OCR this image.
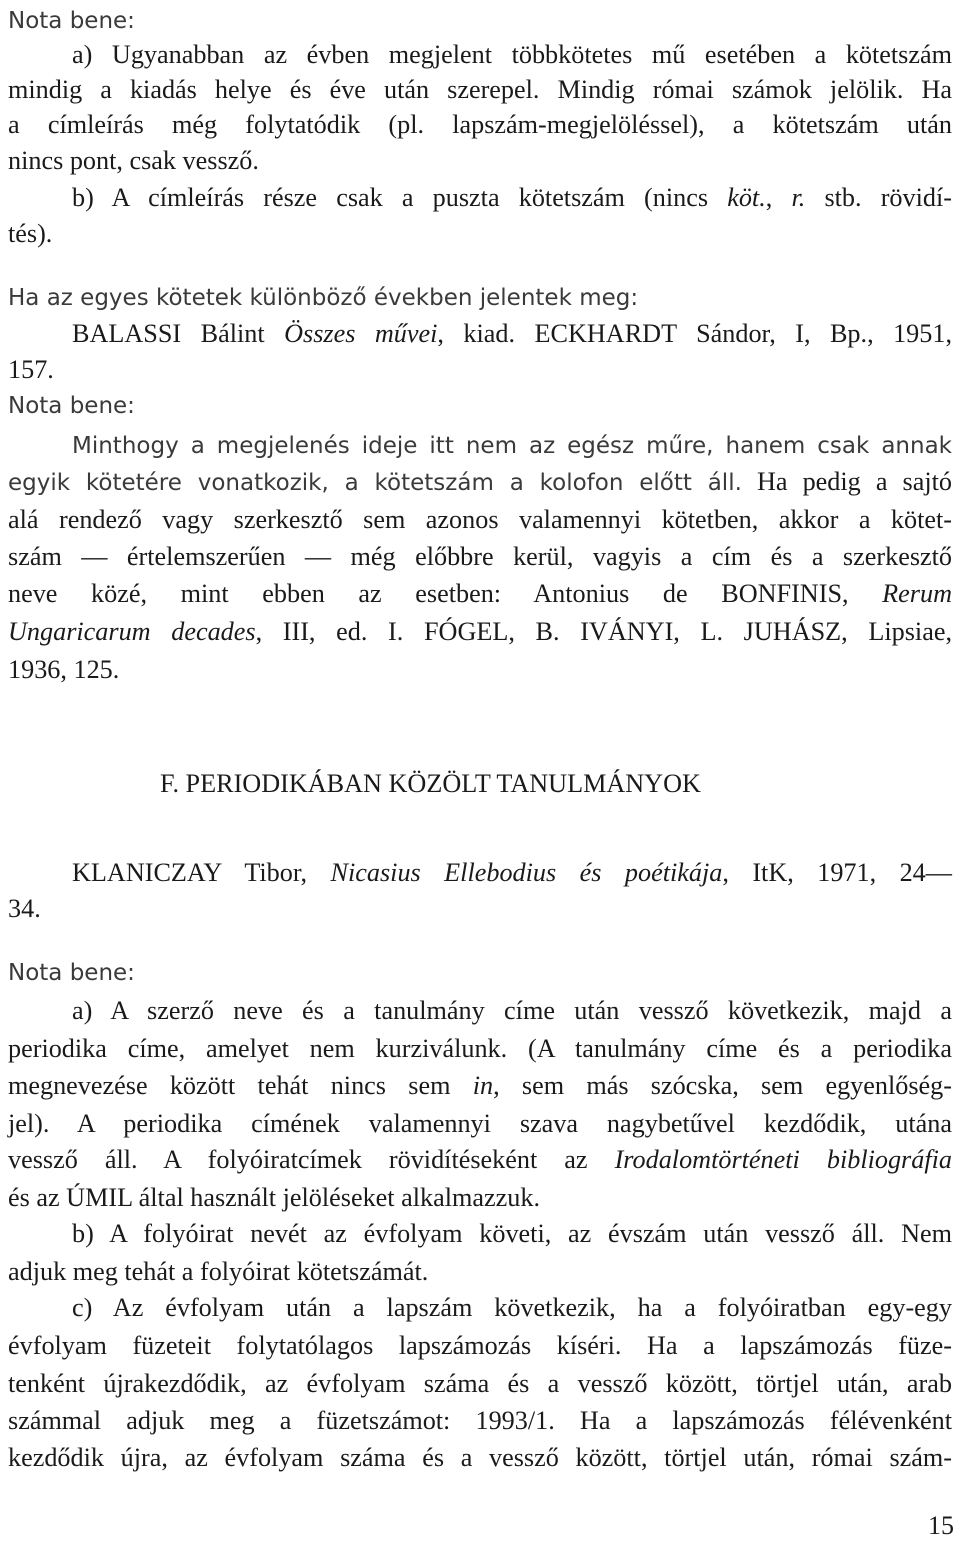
Nota bene:
a) Ugyanabban az évben megjelent többkötetes mű esetében a kötetszám
mindig a kiadás helye és éve után szerepel. Mindig római számok jelölik. Ha
a címleírás még folytatódik (pl. lapszám-megjelöléssel), a kötetszám után
nincs pont, csak vessző.
b) A címleírás része csak a puszta kötetszám (nincs köt., r. stb. rövidí-
tés).
Ha az egyes kötetek különböző években jelentek meg:
BALASSI Bálint Összes művei, kiad. ECKHARDT Sándor, I, Bp., 1951,
157.
Nota bene:
Minthogy a megjelenés ideje itt nem az egész műre, hanem csak annak
egyik kötetére vonatkozik, a kötetszám a kolofon előtt áll. Ha pedig a sajtó
alá rendező vagy szerkesztő sem azonos valamennyi kötetben, akkor a kötet-
szám — értelemszerűen — még előbbre kerül, vagyis a cím és a szerkesztő
neve közé, mint ebben az esetben: Antonius de BONFINIS, Rerum
Ungaricarum decades, III, ed. I. FÓGEL, B. IVÁNYI, L. JUHÁSZ, Lipsiae,
1936, 125.
F. PERIODIKÁBAN KÖZÖLT TANULMÁNYOK
KLANICZAY Tibor, Nicasius Ellebodius és poétikája, ItK, 1971, 24—
34.
Nota bene:
a) A szerző neve és a tanulmány címe után vessző következik, majd a
periodika címe, amelyet nem kurziválunk. (A tanulmány címe és a periodika
megnevezése között tehát nincs sem in, sem más szócska, sem egyenlőség-
jel). A periodika címének valamennyi szava nagybetűvel kezdődik, utána
vessző áll. A folyóiratcímek rövidítéseként az Irodalomtörténeti bibliográfia
és az ÚMIL által használt jelöléseket alkalmazzuk.
b) A folyóirat nevét az évfolyam követi, az évszám után vessző áll. Nem
adjuk meg tehát a folyóirat kötetszámát.
c) Az évfolyam után a lapszám következik, ha a folyóiratban egy-egy
évfolyam füzeteit folytatólagos lapszámozás kíséri. Ha a lapszámozás füze-
tenként újrakezdődik, az évfolyam száma és a vessző között, törtjel után, arab
számmal adjuk meg a füzetszámot: 1993/1. Ha a lapszámozás félévenként
kezdődik újra, az évfolyam száma és a vessző között, törtjel után, római szám-
15
